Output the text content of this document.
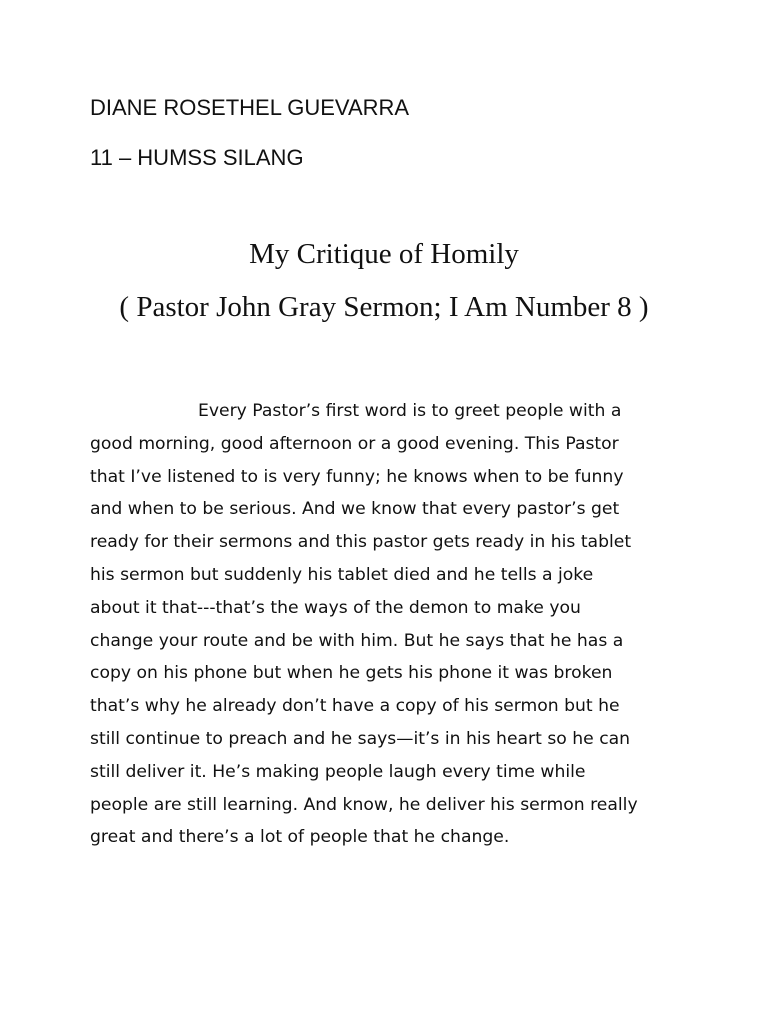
DIANE ROSETHEL GUEVARRA
11 – HUMSS SILANG
My Critique of Homily
( Pastor John Gray Sermon; I Am Number 8 )
Every Pastor’s first word is to greet people with a
good morning, good afternoon or a good evening. This Pastor
that I’ve listened to is very funny; he knows when to be funny
and when to be serious. And we know that every pastor’s get
ready for their sermons and this pastor gets ready in his tablet
his sermon but suddenly his tablet died and he tells a joke
about it that---that’s the ways of the demon to make you
change your route and be with him. But he says that he has a
copy on his phone but when he gets his phone it was broken
that’s why he already don’t have a copy of his sermon but he
still continue to preach and he says—it’s in his heart so he can
still deliver it. He’s making people laugh every time while
people are still learning. And know, he deliver his sermon really
great and there’s a lot of people that he change.
